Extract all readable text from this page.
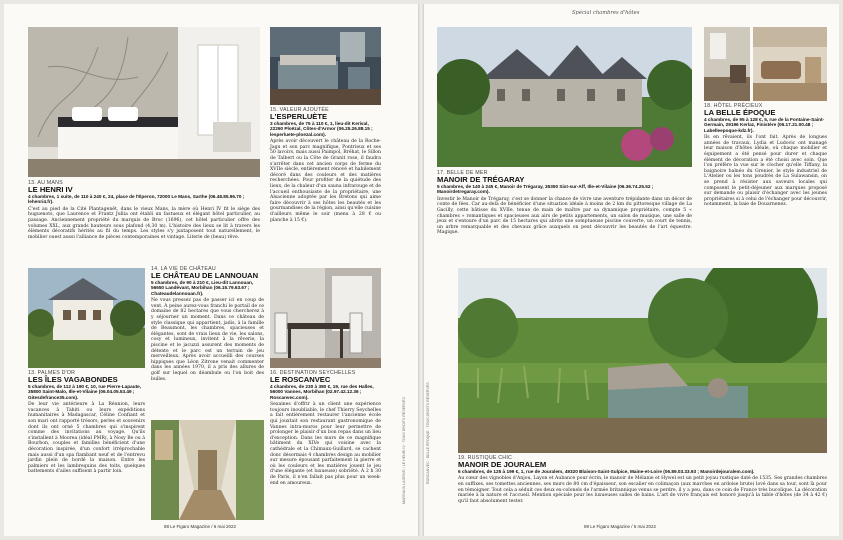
15. VALEUR AJOUTÉE
L'ESPERLUÈTE
3 chambres, de 75 à 110 €, 1, lieu-dit Kerival, 22260 Ploëzal, Côtes-d'Armor (06.25.26.88.15 ; lesperluete-ploezal.com).
Après avoir découvert le château de la Roche-Jagu et son parc magnifique, Pontrieux et ses 50 lavoirs, mais aussi Paimpol, Bréhat, le Sillon de Talbert ou la Côte de Granit rose, il faudra s'arrêter dans cet ancien corps de ferme du XVIIe siècle, entièrement rénové et habilement décoré dans des couleurs et des matières recherchées. Pour profiter de la quiétude des lieux, de la chaleur d'un sauna infrarouge et de l'accueil enthousiaste de la propriétaire, une Alsacienne adoptée par les Bretons qui aime faire découvrir à ses hôtes les beautés et les gourmandises de la région, ainsi qu'elle cuisine d'ailleurs même le soir (menu à 28 € ou planche à 15 €).
13. AU MANS
LE HENRI IV
4 chambres, 1 suite, de 110 à 240 €, 24, place de l'Éperon, 72000 Le Mans, Sarthe (06.48.85.96.70 ; lehenri4.fr).
C'est au pied de la Cité Plantagenêt, dans le vieux Mans, la mère où Henri IV fit le siège des huguenots, que Laurence et Frantz Jullia ont établi un fastueux et élégant hôtel particulier, au passage. Anciennement propriété du marquis de Broc (1696), cet hôtel particulier offre des volumes XXL, aux grands hauteurs sous plafond (4,30 m). L'histoire des lieux se lit à travers les éléments décoratifs hérités au fil du temps. Les styles s'y juxtaposent tout naturellement, le mobilier ouest aussi l'alliance de pièces contemporaines et vintage. Literie de (beau) rêve.
13. PALMES D'OR
LES ÎLES VAGABONDES
5 chambres, de 112 à 190 €, 10, rue Pierre-Lapaute, 35800 Saint-Malo, Ille-et-Vilaine (06.04.05.53.49 ; Gitesdefrance35.com).
De leur vie antérieure à La Réunion, leurs vacances à Tahiti ou leurs expéditions humanitaires à Madagascar, Céline Confiant et son mari ont rapporté trésors, perles et souvenirs dont ils ont orné 5 chambres qui s'inspirent comme des invitations au voyage. Qu'ils s'installent à Moorea (idéal PMR), à Nosy Be ou à Bourbon, couples et familles bénéficient d'une décoration inspirée, d'un confort irréprochable mais aussi d'un spa flambant neuf et de l'entrevu jardin plein de bordé la maison. Entre les palmiers et les lambrequins des toits, quelques battements d'ailes suffisent à partir loin.
14. LA VIE DE CHÂTEAU
LE CHÂTEAU DE LANNOUAN
5 chambres, de 90 à 210 €, Lieu-dit Lannouan, 56650 Landévant, Morbihan (06.15.79.63.67 ; Chateaudelannouan.fr).
Ne vous pressez pas de passer ici en coup de vent. À peine aurez-vous franchi le portail de ce domaine de 82 hectares que vous chercherez à y séjourner un moment. Dans ce château de style classique qui appartient, jadis, à la famille de Beaumont, les chambres, spacieuses et élégantes, sont de vrais lieux de vie, les salons, cosy et lumineux, invitent à la rêverie, la piscine et le jacuzzi assurent des moments de détente et le parc est un terrain de jeu merveilleux. Après avoir accueilli des courses hippiques que Léon Zitrone venait commenter dans les années 1970, il a pris des allures de golf sur lequel on déambule ou l'on boit des bulles.
16. DESTINATION SEYCHELLES
LE ROSCANVEC
4 chambres, de 230 à 380 €, 19, rue des Halles, 56000 Vannes, Morbihan (02.97.42.12.36 ; Roscanvec.com).
Sexaines d'offrir à un client une expérience toujours inoubliable, le chef Thierry Seychelles a fait entièrement restaurer l'ancienne école qui jouxtait son restaurant gastronomique de Vannes intra-muros pour leur permettre de prolonger le plaisir d'un bon repas dans un lieu d'exception. Dans les murs de ce magnifique bâtiment du XIVe qui voisine avec la cathédrale et la Chimaux-Guillard, se cachent donc désormais 4 chambres design au mobilier sur mesure épousant parfaitement la pierre et où les couleurs et les matières jouent le jeu d'une élégante (et luxueuse) sobriété. À 2 h 30 de Paris, il n'en fallait pas plus pour un week-end en amoureux.	MARGAUX LAGRIVE / LE HENRI IV · TOUS DROITS RÉSERVÉS
88 Le Figaro Magazine / 6 mai 2022
Spécial chambres d'hôtes
18. HÔTEL PRÉCIEUX
LA BELLE ÉPOQUE
4 chambres, de 95 à 128 €, 5, rue de la Fontaine-Saint-Germain, 29196 Kerlaz, Finistère (06.17.21.00.48 ; Labelleepoque-kdz.fr).
Ils en rêvaient, ils l'ont fait. Après de longues années de travaux, Lydia et Ludovic ont managé leur maison d'hôtes idéale, où chaque mobilier et équipement a été pensé pour durer et chaque élément de décoration a été choisi avec soin. Que l'on préfère la vue sur le clocher qu'elle Tiffany, la baignoire balnéo du Grenier, le style industriel de L'Atelier ou les tons poudrés de La Sulawansin, on se prend à résister aux saveurs locales qui composent le petit-déjeuner aux marques proposé sur demande ou plaisir d'échanger avec les jeunes propriétaires si à celui de l'échanger pour découvrir, notamment, la baie de Douarnenez.
17. BELLE DE MER
MANOIR DE TRÉGARAY
5 chambres, de 140 à 245 €, Manoir de Trégaray, 35350 Sixt-sur-Aff, Ille-et-Vilaine (06.36.74.25.52 ; Manoirdetregaray.com).
Investir le Manoir de Trégaray, c'est se donner la chance de vivre une aventure trépidante dans un décor de conte de fées. Car au-delà de bénéficier d'une situation idéale à moins de 2 km du pittoresque village de La Gacilly, cette bâtisse du XVIIe, tenue de main de maître par sa dynamique propriétaire, compte 5 « chambres » romantiques et spacieuses aux airs de petits appartements, un salon de musique, une salle de jeux et s'entoure d'un parc de 15 hectares qui abrite une somptueuse piscine couverte, un court de tennis, un arbre remarquable et des chevaux grâce auxquels on peut découvrir les beautés de l'art équestre. Magique.
19. RUSTIQUE CHIC
MANOIR DE JOURALEM
6 chambres, de 125 à 199 €, 1, rue de Jouralem, 49320 Blaison-Saint-Sulpice, Maine-et-Loire (06.89.03.33.93 ; Manoirdejouralem.com).
Au cœur des vignobles d'Anjou, Layon et Aubance pour écrin, le manoir de Mélanie et Hywel est un petit joyau rustique daté de 1535. Ses grandes chambres en suffixes, ses tomettes anciennes, ses murs de 80 cm d'épaisseur, son escalier en colimaçon (aux marches en ardoise brute) lové dans sa tour, sont là pour en témoigner. Tout cela a séduit ces deux ex-colonels de l'armée britannique venus se perdre, il y a peu, dans ce coin de France très bucolique. La décoration mariée à la nature et l'accueil. Mention spéciale pour les luxueuses salles de bains. L'art de vivre français est honoré jusqu'à la table d'hôtes (de 34 à 42 €) qu'il faut absolument tester.
ROSCANVEC · BELLE ÉPOQUE · TOUS DROITS RÉSERVÉS
89 Le Figaro Magazine / 6 mai 2022
